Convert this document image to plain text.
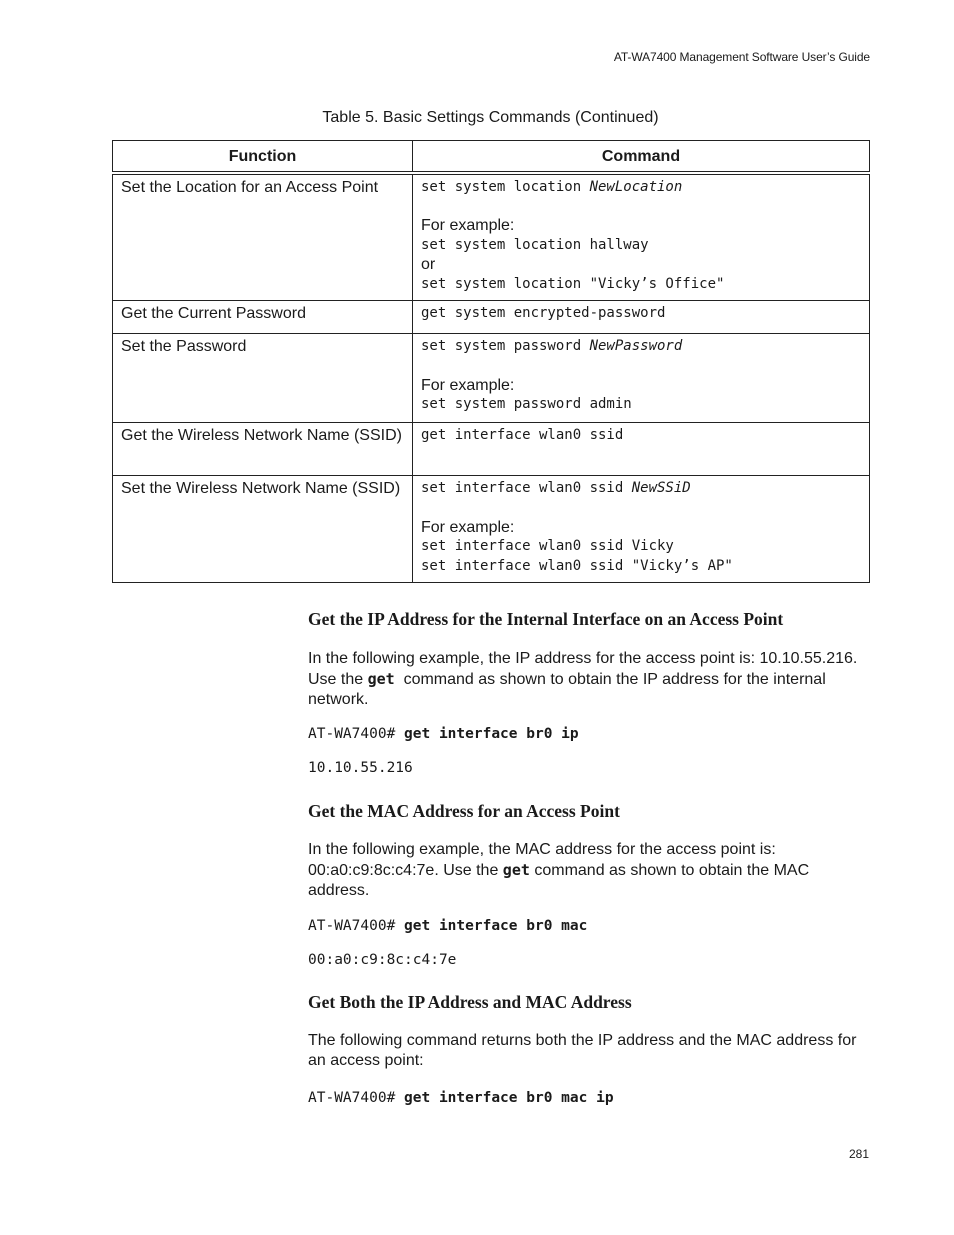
AT-WA7400 Management Software User’s Guide
Table 5. Basic Settings Commands (Continued)
Function	Command
Set the Location for an Access Point	set system location NewLocation
For example:
set system location hallway
or
set system location "Vicky’s Office"

Get the Current Password	get system encrypted-password

Set the Password	set system password NewPassword
For example:
set system password admin

Get the Wireless Network Name (SSID)	get interface wlan0 ssid

Set the Wireless Network Name (SSID)	set interface wlan0 ssid NewSSiD
For example:
set interface wlan0 ssid Vicky
set interface wlan0 ssid "Vicky’s AP"
Get the IP Address for the Internal Interface on an Access Point
In the following example, the IP address for the access point is: 10.10.55.216. Use the get  command as shown to obtain the IP address for the internal network.
AT-WA7400# get interface br0 ip
10.10.55.216
Get the MAC Address for an Access Point
In the following example, the MAC address for the access point is: 00:a0:c9:8c:c4:7e. Use the get command as shown to obtain the MAC address.
AT-WA7400# get interface br0 mac
00:a0:c9:8c:c4:7e
Get Both the IP Address and MAC Address
The following command returns both the IP address and the MAC address for an access point:
AT-WA7400# get interface br0 mac ip
281
